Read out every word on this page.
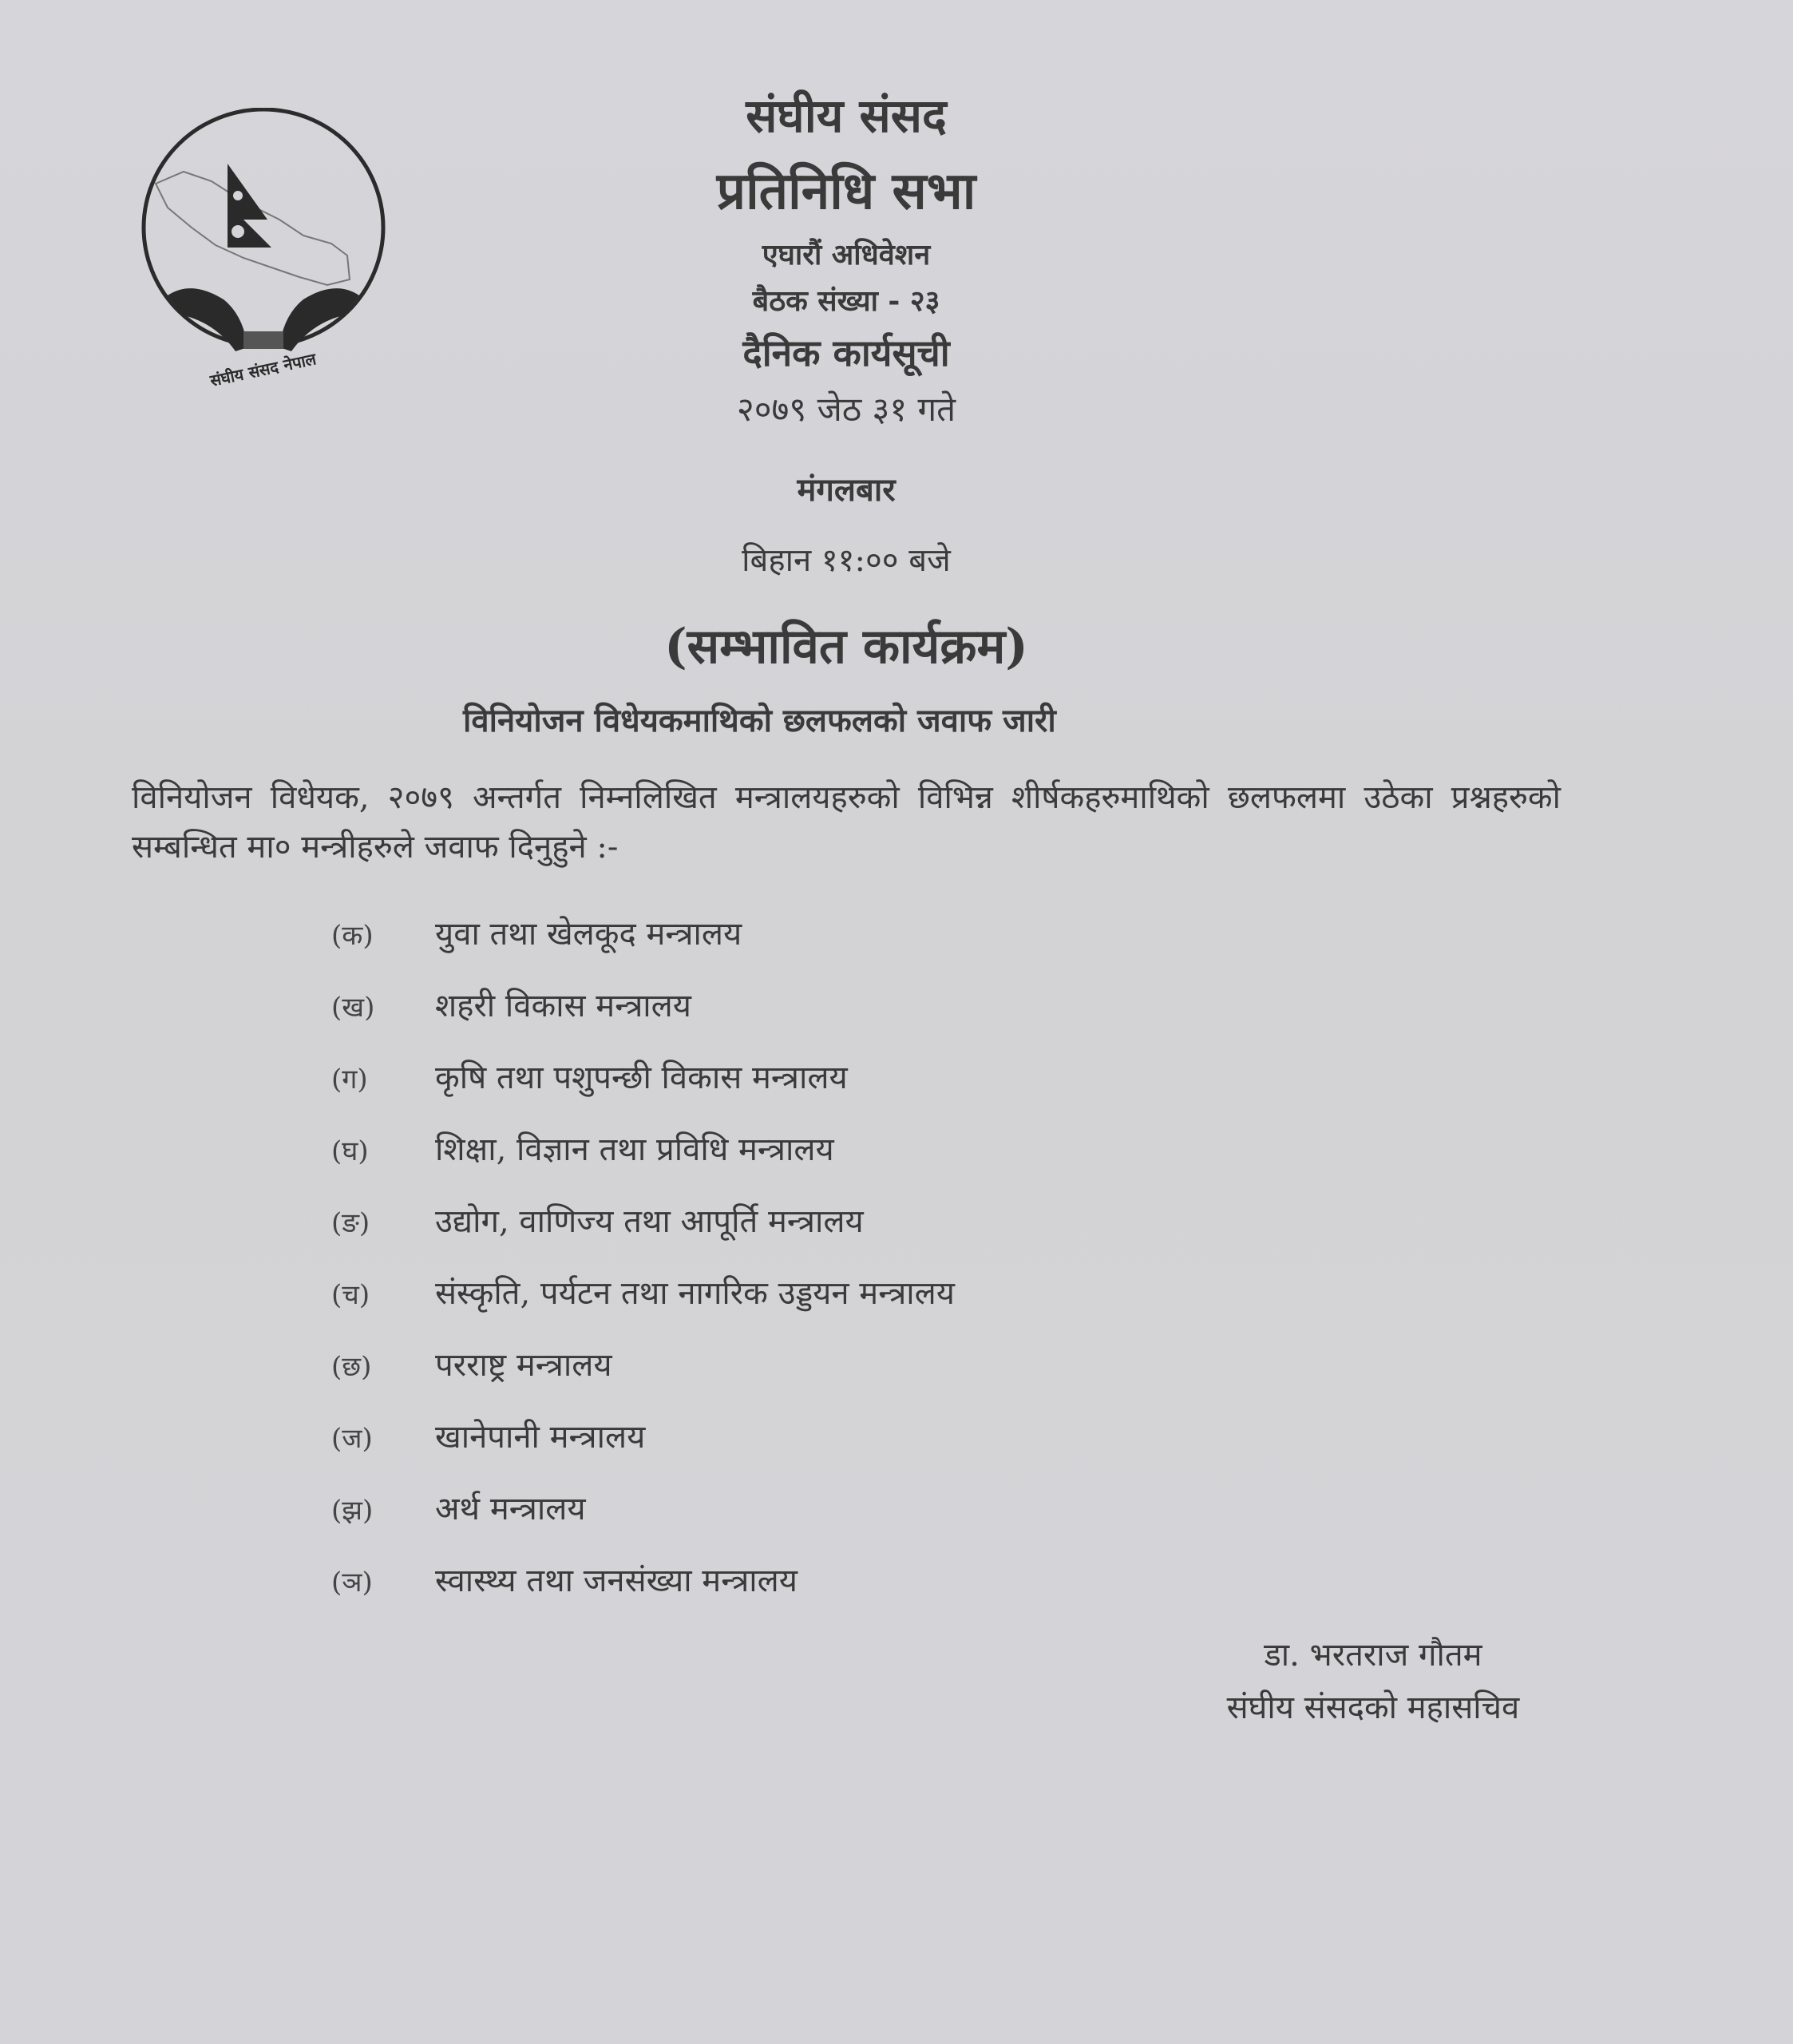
संघीय संसद नेपाल
संघीय संसद
प्रतिनिधि सभा
एघारौं अधिवेशन
बैठक संख्या - २३
दैनिक कार्यसूची
२०७९ जेठ ३१ गते
मंगलबार
बिहान ११:०० बजे
(सम्भावित कार्यक्रम)
विनियोजन विधेयकमाथिको छलफलको जवाफ जारी
विनियोजन विधेयक, २०७९ अन्तर्गत निम्नलिखित मन्त्रालयहरुको विभिन्न शीर्षकहरुमाथिको छलफलमा उठेका प्रश्नहरुको सम्बन्धित मा० मन्त्रीहरुले जवाफ दिनुहुने :-
(क)	युवा तथा खेलकूद मन्त्रालय
(ख)	शहरी विकास मन्त्रालय
(ग)	कृषि तथा पशुपन्छी विकास मन्त्रालय
(घ)	शिक्षा, विज्ञान तथा प्रविधि मन्त्रालय
(ङ)	उद्योग, वाणिज्य तथा आपूर्ति मन्त्रालय
(च)	संस्कृति, पर्यटन तथा नागरिक उड्डयन मन्त्रालय
(छ)	परराष्ट्र मन्त्रालय
(ज)	खानेपानी मन्त्रालय
(झ)	अर्थ मन्त्रालय
(ञ)	स्वास्थ्य तथा जनसंख्या मन्त्रालय
डा. भरतराज गौतम
संघीय संसदको महासचिव
